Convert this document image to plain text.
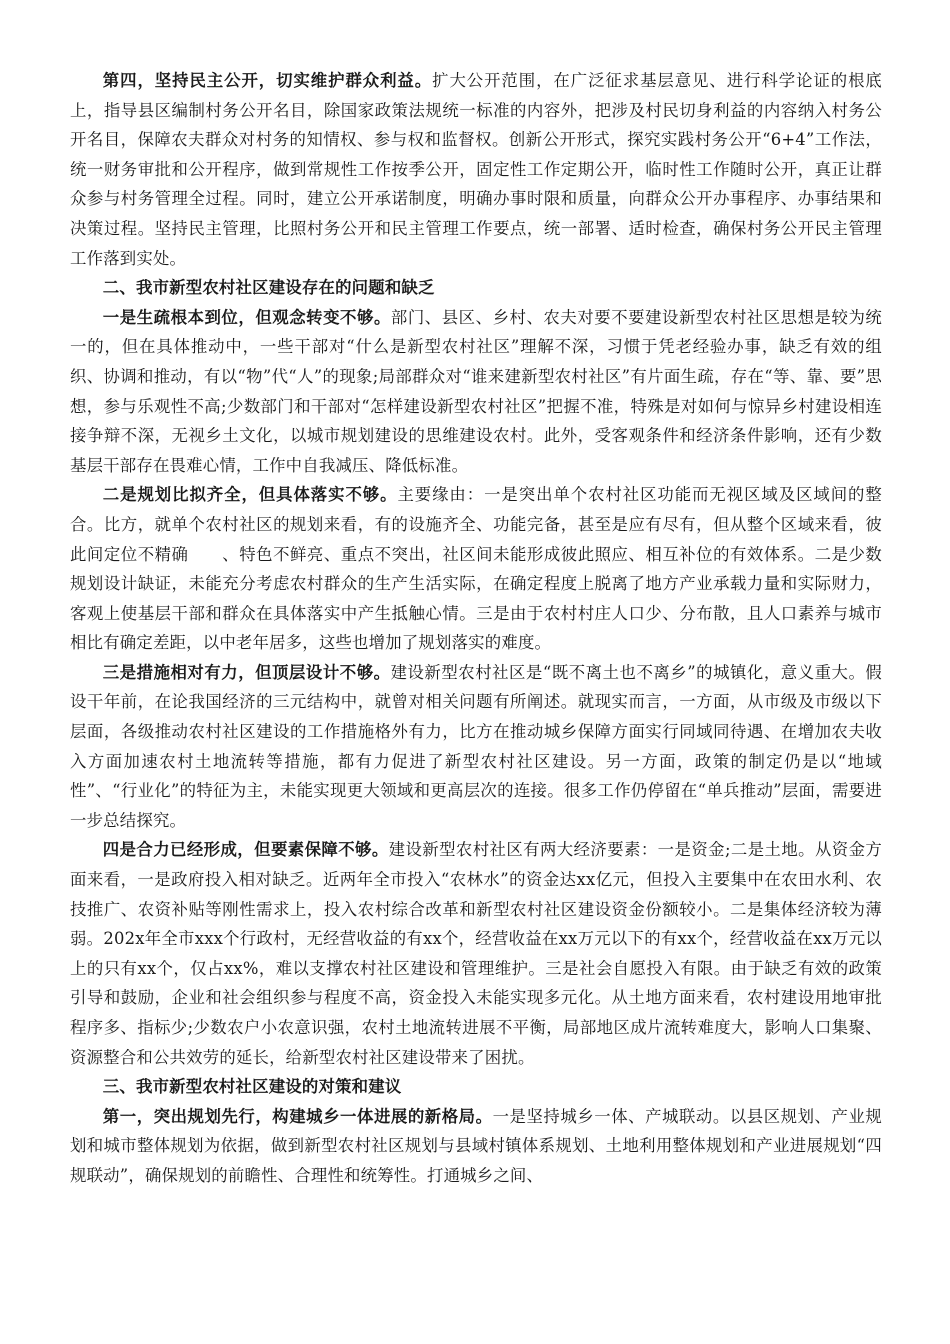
第四，坚持民主公开，切实维护群众利益。扩大公开范围，在广泛征求基层意见、进行科学论证的根底上，指导县区编制村务公开名目，除国家政策法规统一标准的内容外，把涉及村民切身利益的内容纳入村务公开名目，保障农夫群众对村务的知情权、参与权和监督权。创新公开形式，探究实践村务公开“6+4”工作法，统一财务审批和公开程序，做到常规性工作按季公开，固定性工作定期公开，临时性工作随时公开，真正让群众参与村务管理全过程。同时，建立公开承诺制度，明确办事时限和质量，向群众公开办事程序、办事结果和决策过程。坚持民主管理，比照村务公开和民主管理工作要点，统一部署、适时检查，确保村务公开民主管理工作落到实处。

二、我市新型农村社区建设存在的问题和缺乏

一是生疏根本到位，但观念转变不够。部门、县区、乡村、农夫对要不要建设新型农村社区思想是较为统一的，但在具体推动中，一些干部对“什么是新型农村社区”理解不深，习惯于凭老经验办事，缺乏有效的组织、协调和推动，有以“物”代“人”的现象;局部群众对“谁来建新型农村社区”有片面生疏，存在“等、靠、要”思想，参与乐观性不高;少数部门和干部对“怎样建设新型农村社区”把握不准，特殊是对如何与惊异乡村建设相连接争辩不深，无视乡土文化，以城市规划建设的思维建设农村。此外，受客观条件和经济条件影响，还有少数基层干部存在畏难心情，工作中自我减压、降低标准。

二是规划比拟齐全，但具体落实不够。主要缘由：一是突出单个农村社区功能而无视区域及区域间的整合。比方，就单个农村社区的规划来看，有的设施齐全、功能完备，甚至是应有尽有，但从整个区域来看，彼此间定位不精确　　、特色不鲜亮、重点不突出，社区间未能形成彼此照应、相互补位的有效体系。二是少数规划设计缺证，未能充分考虑农村群众的生产生活实际，在确定程度上脱离了地方产业承载力量和实际财力，客观上使基层干部和群众在具体落实中产生抵触心情。三是由于农村村庄人口少、分布散，且人口素养与城市相比有确定差距，以中老年居多，这些也增加了规划落实的难度。

三是措施相对有力，但顶层设计不够。建设新型农村社区是“既不离土也不离乡”的城镇化，意义重大。假设干年前，在论我国经济的三元结构中，就曾对相关问题有所阐述。就现实而言，一方面，从市级及市级以下层面，各级推动农村社区建设的工作措施格外有力，比方在推动城乡保障方面实行同域同待遇、在增加农夫收入方面加速农村土地流转等措施，都有力促进了新型农村社区建设。另一方面，政策的制定仍是以“地域性”、“行业化”的特征为主，未能实现更大领域和更高层次的连接。很多工作仍停留在“单兵推动”层面，需要进一步总结探究。

四是合力已经形成，但要素保障不够。建设新型农村社区有两大经济要素：一是资金;二是土地。从资金方面来看，一是政府投入相对缺乏。近两年全市投入“农林水”的资金达xx亿元，但投入主要集中在农田水利、农技推广、农资补贴等刚性需求上，投入农村综合改革和新型农村社区建设资金份额较小。二是集体经济较为薄弱。202x年全市xxx个行政村，无经营收益的有xx个，经营收益在xx万元以下的有xx个，经营收益在xx万元以上的只有xx个，仅占xx%，难以支撑农村社区建设和管理维护。三是社会自愿投入有限。由于缺乏有效的政策引导和鼓励，企业和社会组织参与程度不高，资金投入未能实现多元化。从土地方面来看，农村建设用地审批程序多、指标少;少数农户小农意识强，农村土地流转进展不平衡，局部地区成片流转难度大，影响人口集聚、资源整合和公共效劳的延长，给新型农村社区建设带来了困扰。

三、我市新型农村社区建设的对策和建议

第一，突出规划先行，构建城乡一体进展的新格局。一是坚持城乡一体、产城联动。以县区规划、产业规划和城市整体规划为依据，做到新型农村社区规划与县域村镇体系规划、土地利用整体规划和产业进展规划“四规联动”，确保规划的前瞻性、合理性和统筹性。打通城乡之间、
